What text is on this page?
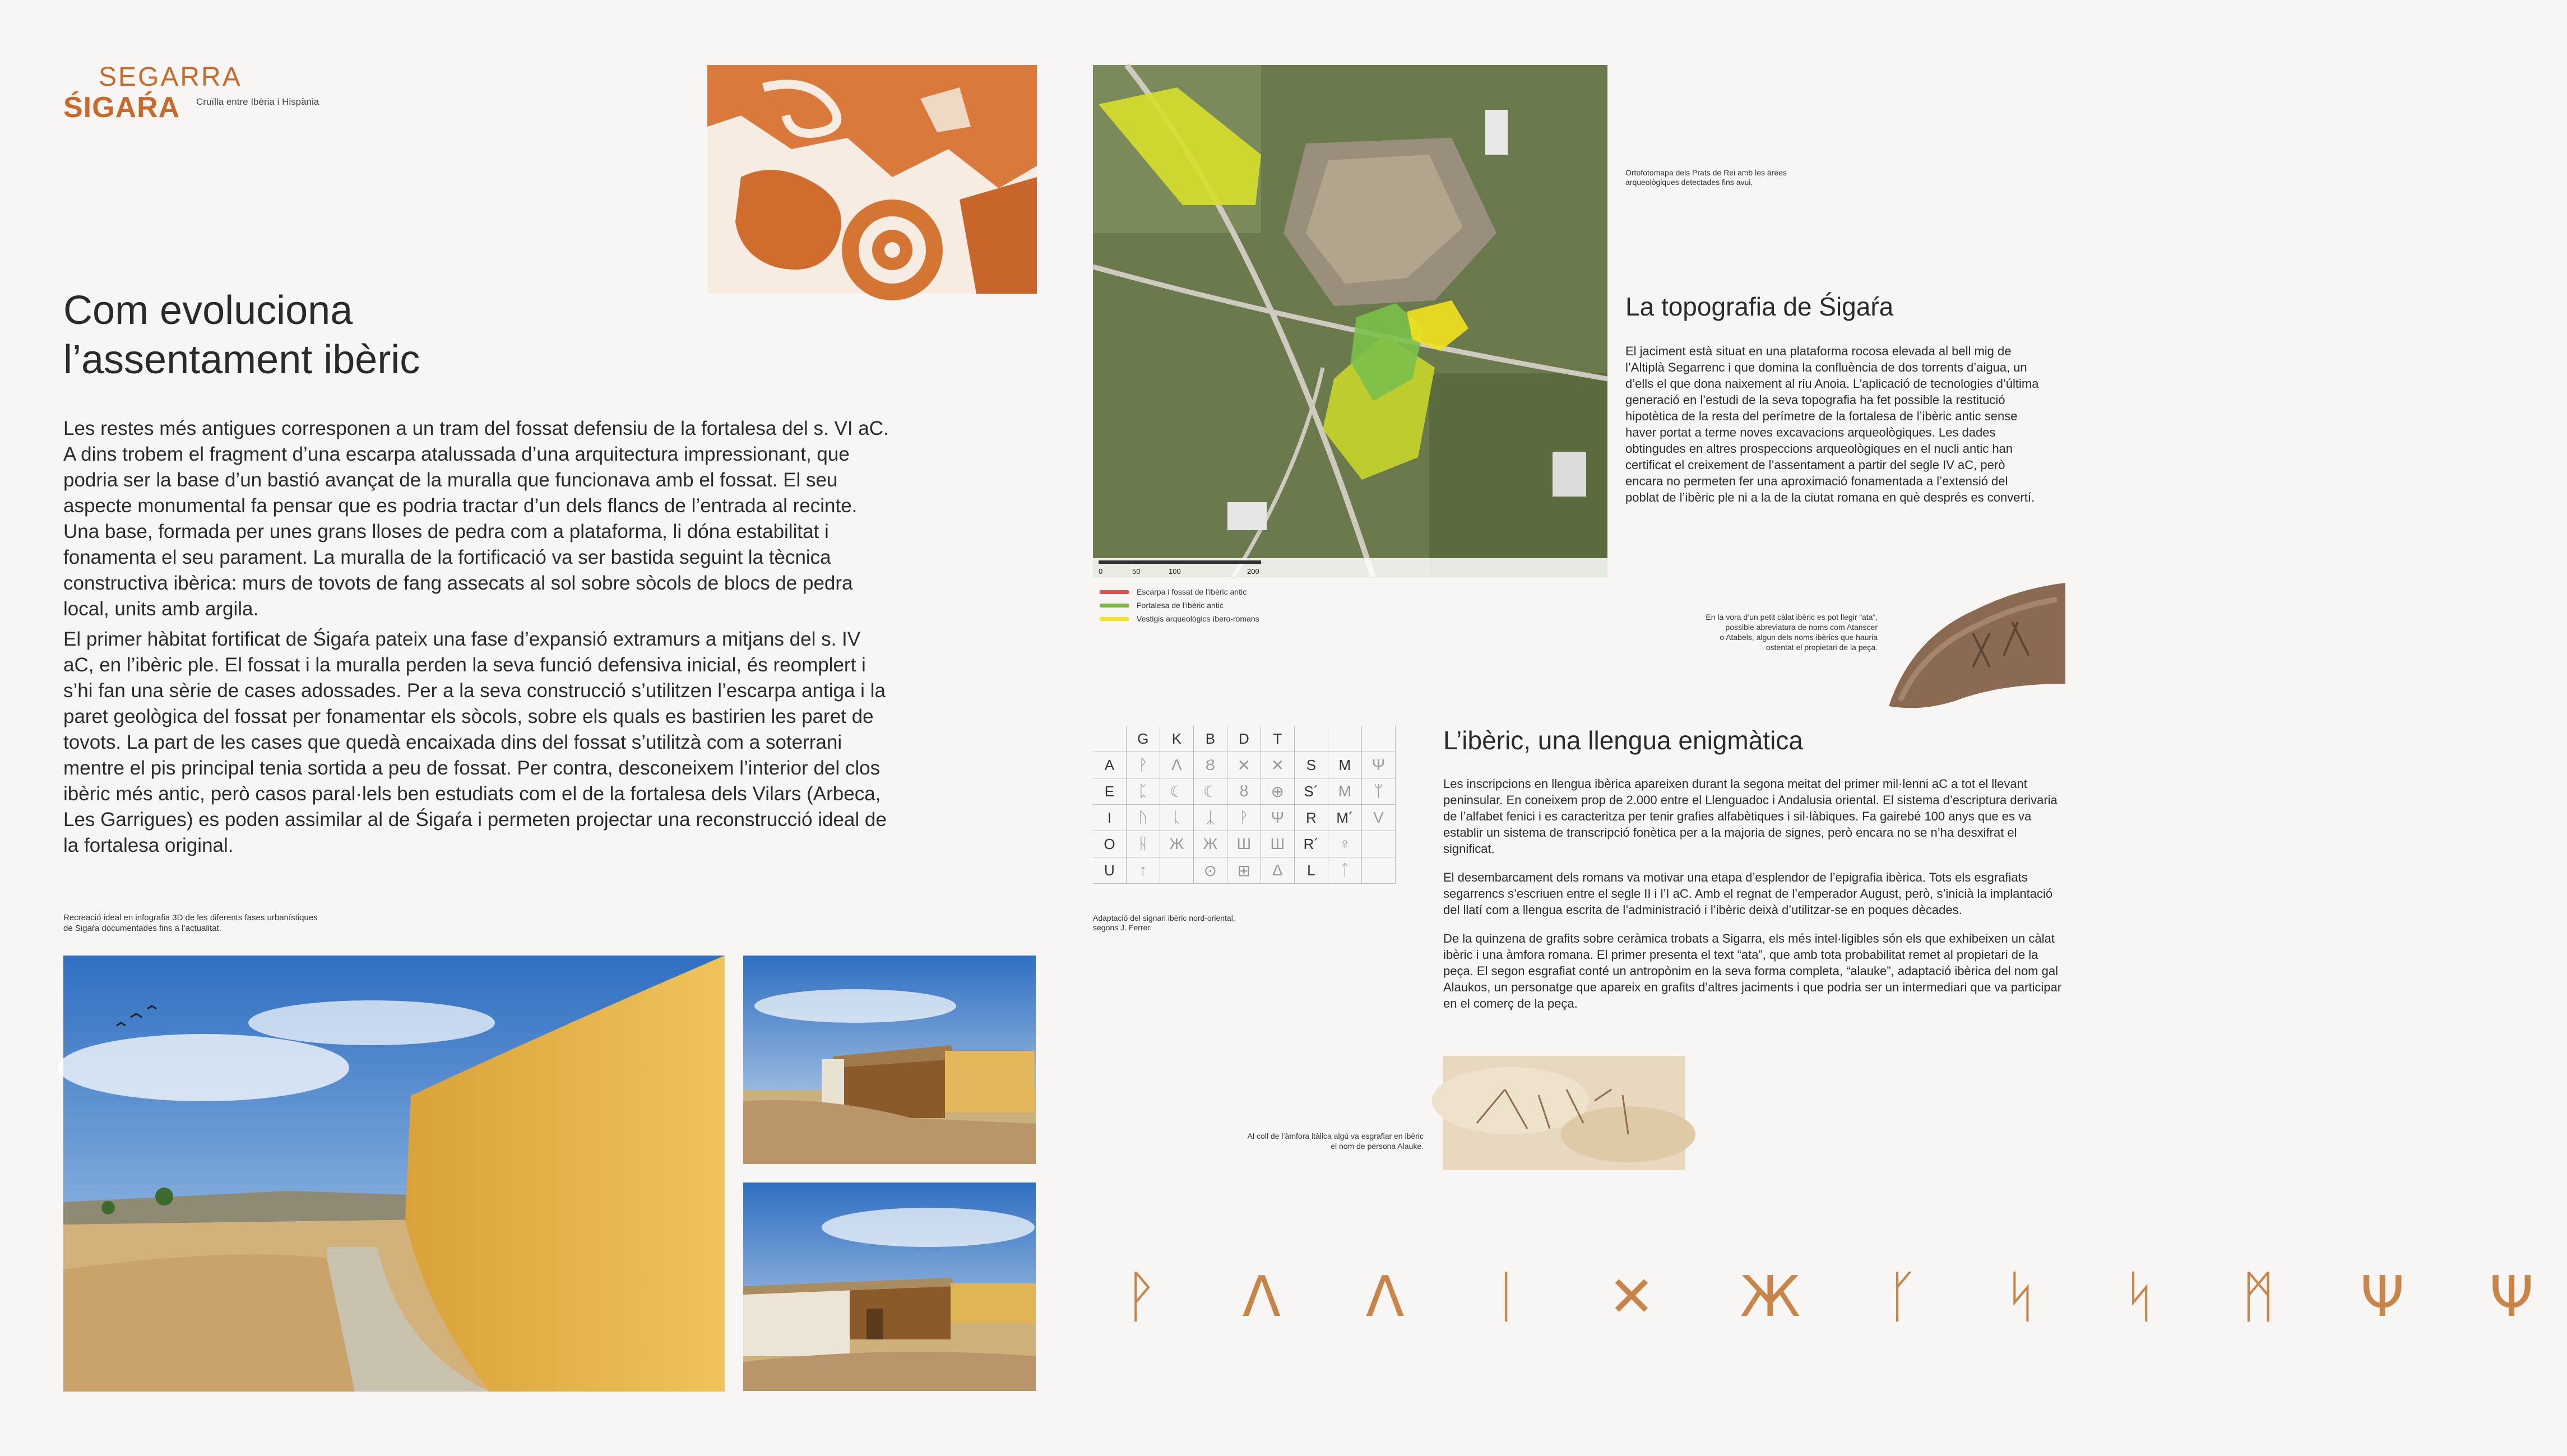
SEGARRA
ŚIGAŔA Cruïlla entre Ibèria i Hispània
Com evoluciona
l’assentament ibèric
Les restes més antigues corresponen a un tram del fossat defensiu de la fortalesa del s. VI aC. A dins trobem el fragment d’una escarpa atalussada d’una arquitectura impressionant, que podria ser la base d’un bastió avançat de la muralla que funcionava amb el fossat. El seu aspecte monumental fa pensar que es podria tractar d’un dels flancs de l’entrada al recinte. Una base, formada per unes grans lloses de pedra com a plataforma, li dóna estabilitat i fonamenta el seu parament. La muralla de la fortificació va ser bastida seguint la tècnica constructiva ibèrica: murs de tovots de fang assecats al sol sobre sòcols de blocs de pedra local, units amb argila.
El primer hàbitat fortificat de Śigaŕa pateix una fase d’expansió extramurs a mitjans del s. IV aC, en l’ibèric ple. El fossat i la muralla perden la seva funció defensiva inicial, és reomplert i s’hi fan una sèrie de cases adossades. Per a la seva construcció s’utilitzen l’escarpa antiga i la paret geològica del fossat per fonamentar els sòcols, sobre els quals es bastirien les paret de tovots. La part de les cases que quedà encaixada dins del fossat s’utilitzà com a soterrani mentre el pis principal tenia sortida a peu de fossat. Per contra, desconeixem l’interior del clos ibèric més antic, però casos paral·lels ben estudiats com el de la fortalesa dels Vilars (Arbeca, Les Garrigues) es poden assimilar al de Śigaŕa i permeten projectar una reconstrucció ideal de la fortalesa original.
Recreació ideal en infografia 3D de les diferents fases urbanístiques
de Sigaŕa documentades fins a l’actualitat.
0	50	100	200
Escarpa i fossat de l’ibèric antic
Fortalesa de l’ibèric antic
Vestigis arqueològics íbero-romans
Ortofotomapa dels Prats de Rei amb les àrees
arqueològiques detectades fins avui.
La topografia de Śigaŕa
El jaciment està situat en una plataforma rocosa elevada al bell mig de l’Altiplà Segarrenc i que domina la confluència de dos torrents d’aigua, un d’ells el que dona naixement al riu Anoia. L’aplicació de tecnologies d’última generació en l’estudi de la seva topografia ha fet possible la restitució hipotètica de la resta del perímetre de la fortalesa de l’ibèric antic sense haver portat a terme noves excavacions arqueològiques. Les dades obtingudes en altres prospeccions arqueològiques en el nucli antic han certificat el creixement de l’assentament a partir del segle IV aC, però encara no permeten fer una aproximació fonamentada a l’extensió del poblat de l’ibèric ple ni a la de la ciutat romana en què després es convertí.
En la vora d’un petit càlat ibèric es pot llegir “ata”,
possible abreviatura de noms com Atanscer
o Atabels, algun dels noms ibèrics que hauria
ostentat el propietari de la peça.
	G	K	B	D	T			
A	ᚹ	Λ	Ȣ	✕	✕	S	M	Ψ
E	ᛈ	☾	☾	ȣ	⊕	S´	M	ᛘ
I	ᚢ	ᚳ	ᛣ	ᚹ	Ψ	R	M´	V
O	ᚺ	Ж	Ж	Ш	Ш	R´	♀	
U	↑		⊙	⊞	Δ	L	ᛏ	
Adaptació del signari ibèric nord-oriental,
segons J. Ferrer.
L’ibèric, una llengua enigmàtica

Les inscripcions en llengua ibèrica apareixen durant la segona meitat del primer mil·lenni aC a tot el llevant peninsular. En coneixem prop de 2.000 entre el Llenguadoc i Andalusia oriental. El sistema d’escriptura derivaria de l’alfabet fenici i es caracteritza per tenir grafies alfabètiques i sil·làbiques. Fa gairebé 100 anys que es va establir un sistema de transcripció fonètica per a la majoria de signes, però encara no se n’ha desxifrat el significat.

El desembarcament dels romans va motivar una etapa d’esplendor de l’epigrafia ibèrica. Tots els esgrafiats segarrencs s’escriuen entre el segle II i l’I aC. Amb el regnat de l’emperador August, però, s’inicià la implantació del llatí com a llengua escrita de l’administració i l’ibèric deixà d’utilitzar-se en poques dècades.

De la quinzena de grafits sobre ceràmica trobats a Sigarra, els més intel·ligibles són els que exhibeixen un càlat ibèric i una àmfora romana. El primer presenta el text “ata”, que amb tota probabilitat remet al propietari de la peça. El segon esgrafiat conté un antropònim en la seva forma completa, “alauke”, adaptació ibèrica del nom gal Alaukos, un personatge que apareix en grafits d’altres jaciments i que podria ser un intermediari que va participar en el comerç de la peça.

Al coll de l’àmfora itàlica algú va esgrafiar en ibèric
el nom de persona Alauke.
ᚹ ᐱ ᐱ ᛁ ✕ Ж ᚴ ᛋ ᛋ ᛗ Ψ Ψ
